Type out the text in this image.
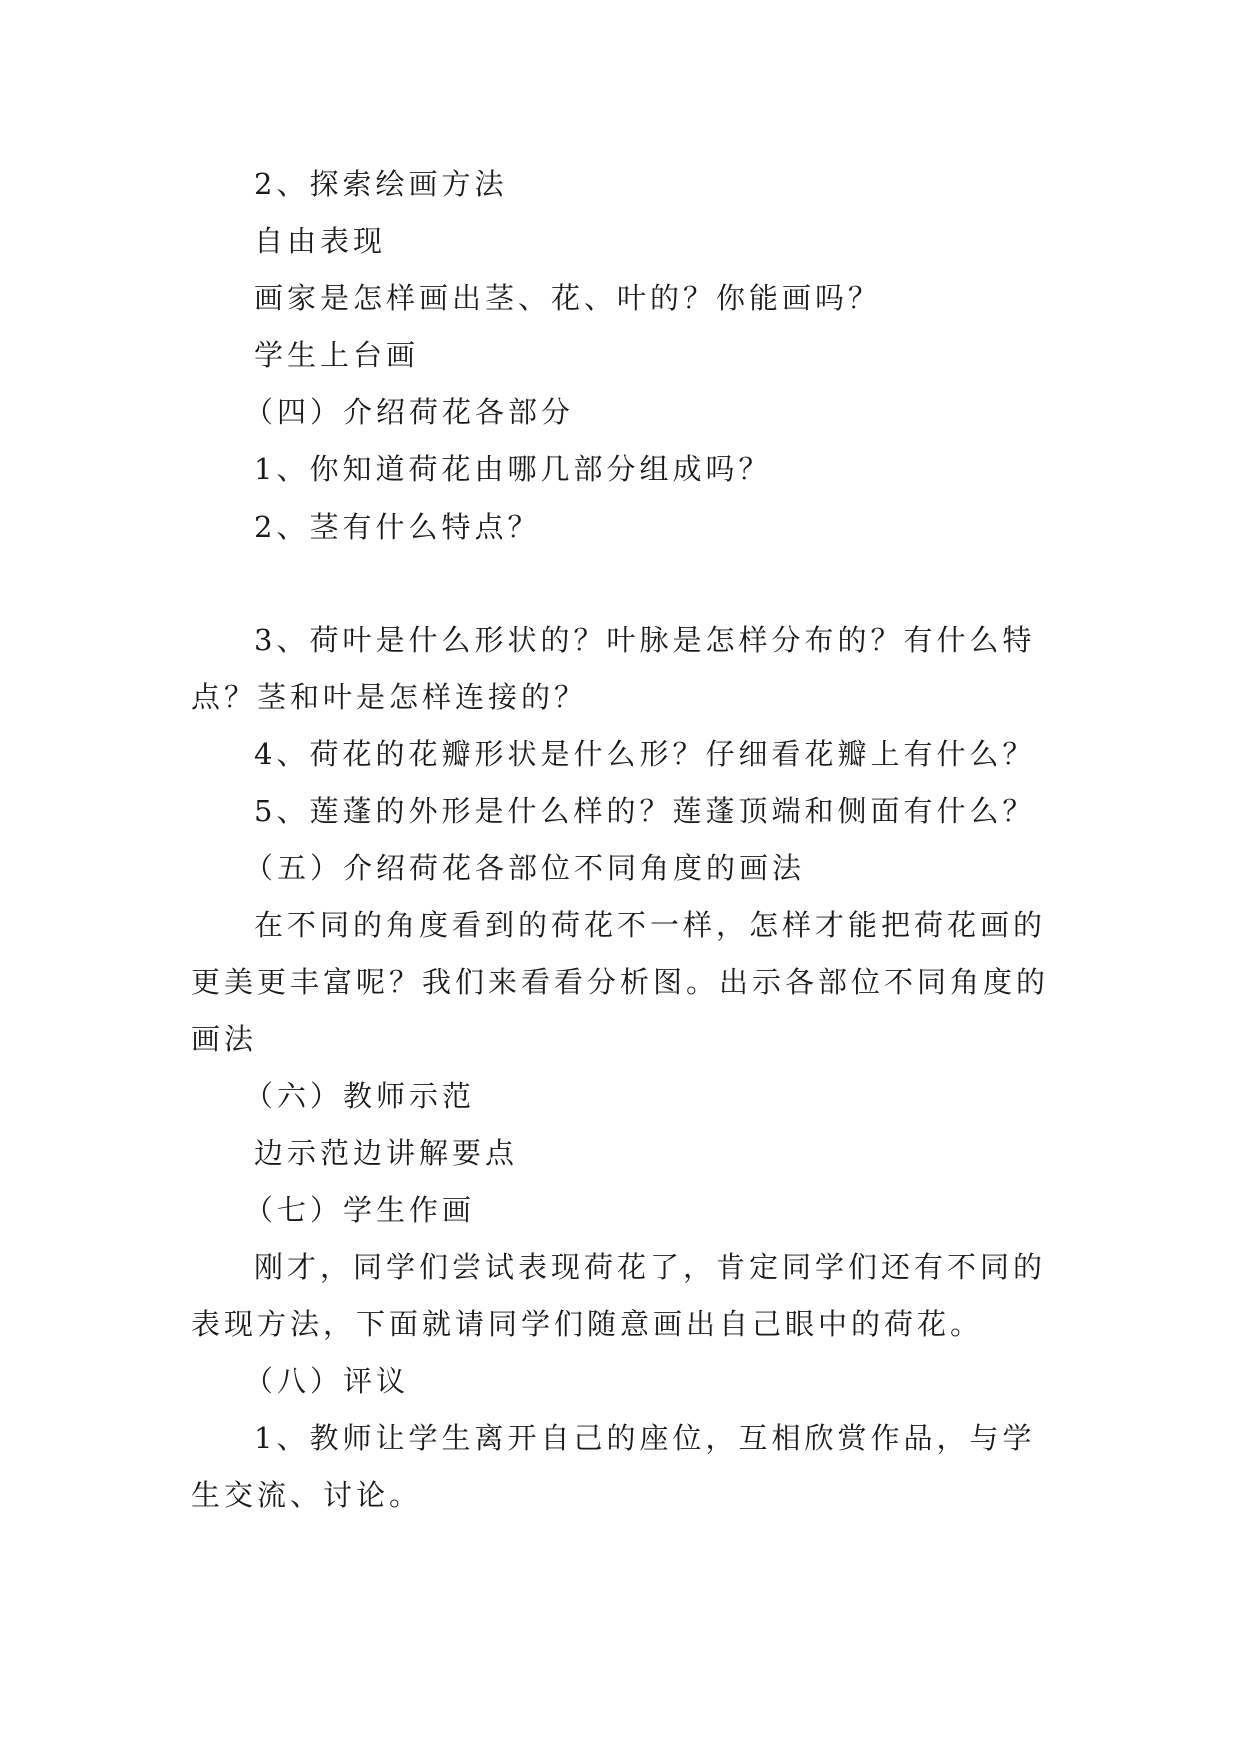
2、探索绘画方法
自由表现
画家是怎样画出茎、花、叶的？你能画吗？
学生上台画
（四）介绍荷花各部分
1、你知道荷花由哪几部分组成吗？
2、茎有什么特点？
3、荷叶是什么形状的？叶脉是怎样分布的？有什么特
点？茎和叶是怎样连接的？
4、荷花的花瓣形状是什么形？仔细看花瓣上有什么？
5、莲蓬的外形是什么样的？莲蓬顶端和侧面有什么？
（五）介绍荷花各部位不同角度的画法
在不同的角度看到的荷花不一样，怎样才能把荷花画的
更美更丰富呢？我们来看看分析图。出示各部位不同角度的
画法
（六）教师示范
边示范边讲解要点
（七）学生作画
刚才，同学们尝试表现荷花了，肯定同学们还有不同的
表现方法，下面就请同学们随意画出自己眼中的荷花。
（八）评议
1、教师让学生离开自己的座位，互相欣赏作品，与学
生交流、讨论。
